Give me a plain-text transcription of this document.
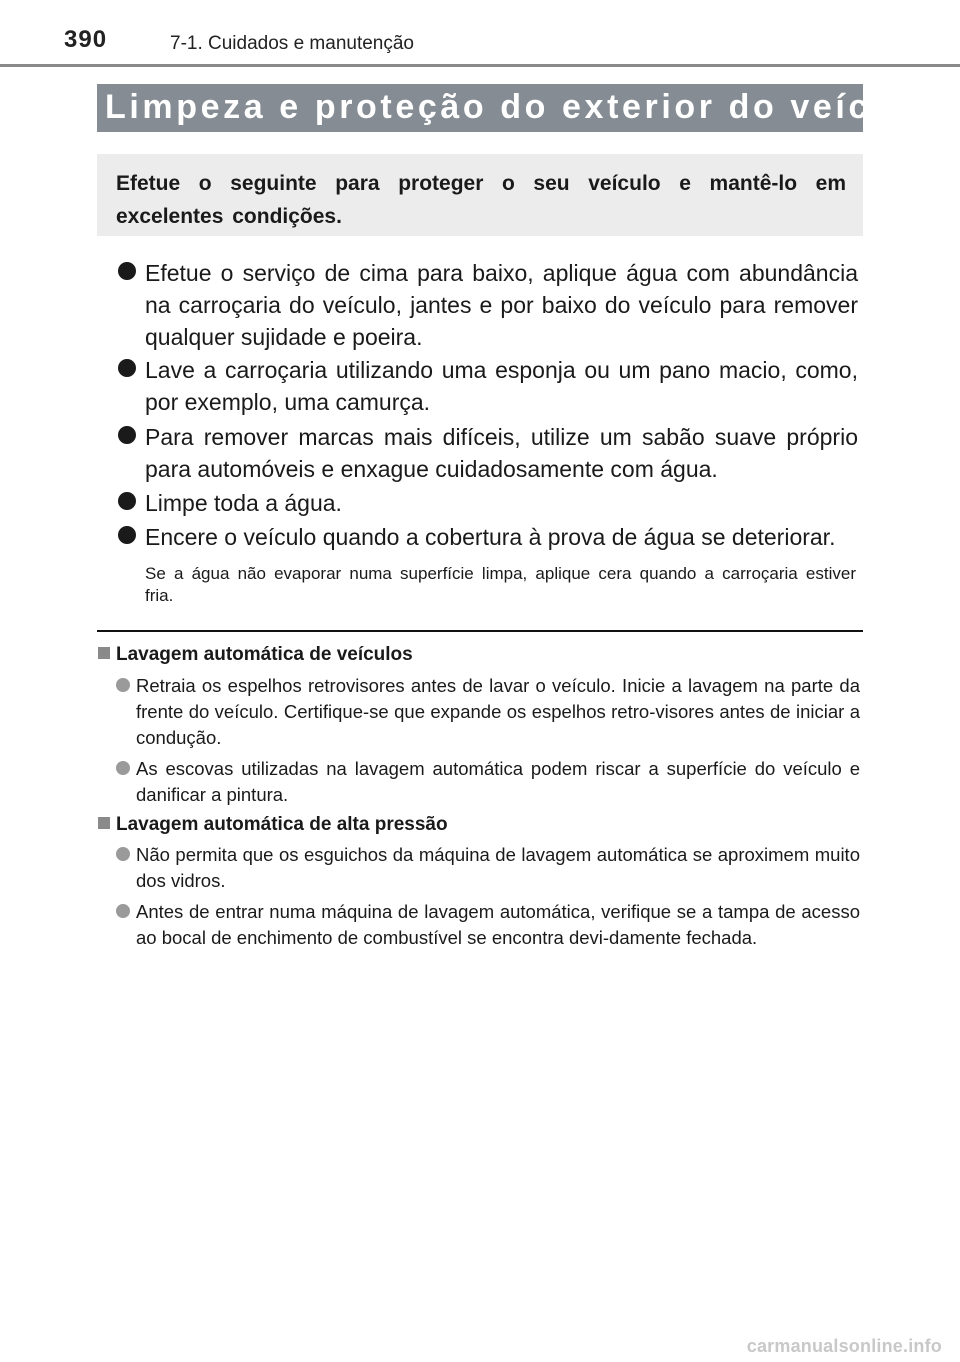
390	7-1. Cuidados e manutenção
Limpeza e proteção do exterior do veículo
Efetue o seguinte para proteger o seu veículo e mantê-lo em excelentes condições.
Efetue o serviço de cima para baixo, aplique água com abundância na carroçaria do veículo, jantes e por baixo do veículo para remover qualquer sujidade e poeira.
Lave a carroçaria utilizando uma esponja ou um pano macio, como, por exemplo, uma camurça.
Para remover marcas mais difíceis, utilize um sabão suave próprio para automóveis e enxague cuidadosamente com água.
Limpe toda a água.
Encere o veículo quando a cobertura à prova de água se deteriorar.
Se a água não evaporar numa superfície limpa, aplique cera quando a carroçaria estiver fria.
Lavagem automática de veículos
Retraia os espelhos retrovisores antes de lavar o veículo. Inicie a lavagem na parte da frente do veículo. Certifique-se que expande os espelhos retro-visores antes de iniciar a condução.
As escovas utilizadas na lavagem automática podem riscar a superfície do veículo e danificar a pintura.
Lavagem automática de alta pressão
Não permita que os esguichos da máquina de lavagem automática se aproximem muito dos vidros.
Antes de entrar numa máquina de lavagem automática, verifique se a tampa de acesso ao bocal de enchimento de combustível se encontra devi-damente fechada.
carmanualsonline.info
